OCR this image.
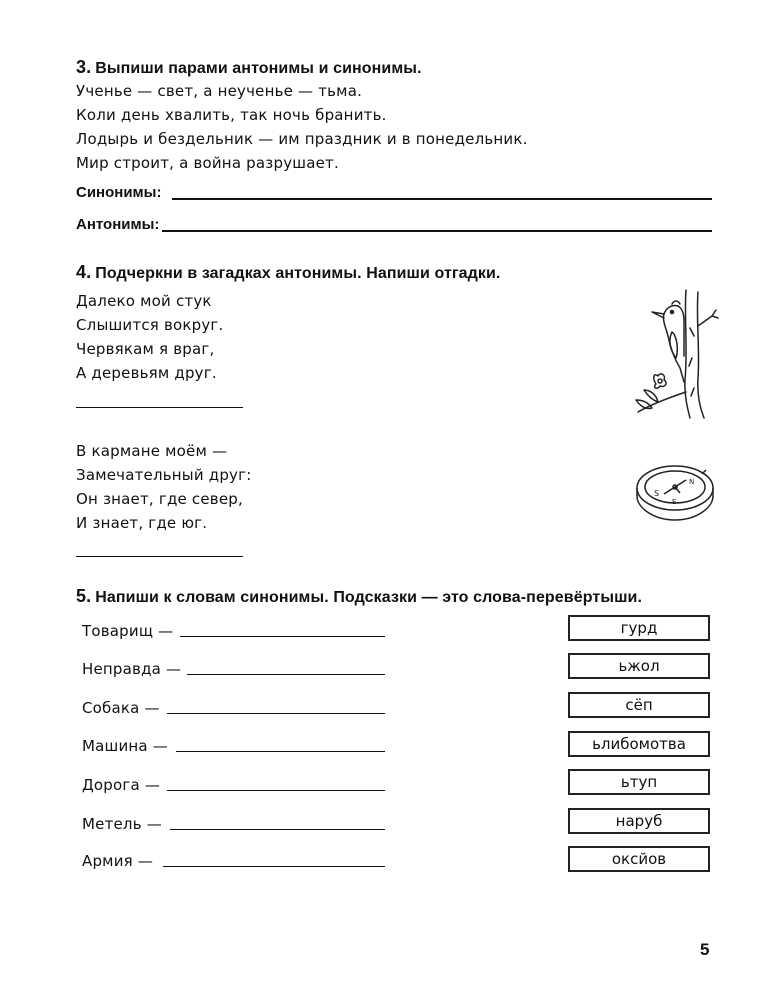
3. Выпиши парами антонимы и синонимы.
Ученье — свет, а неученье — тьма.
Коли день хвалить, так ночь бранить.
Лодырь и бездельник — им праздник и в понедельник.
Мир строит, а война разрушает.
Синонимы:
Антонимы:
4. Подчеркни в загадках антонимы. Напиши отгадки.
Далеко мой стук
Слышится вокруг.
Червякам я враг,
А деревьям друг.
В кармане моём —
Замечательный друг:
Он знает, где север,
И знает, где юг.
S
N
E
5. Напиши к словам синонимы. Подсказки — это слова-перевёртыши.
Товарищ —	гурд
Неправда —	ьжол
Собака —	сёп
Машина —	ьлибомотва
Дорога —	ьтуп
Метель —	наруб
Армия —	оксйов
5
